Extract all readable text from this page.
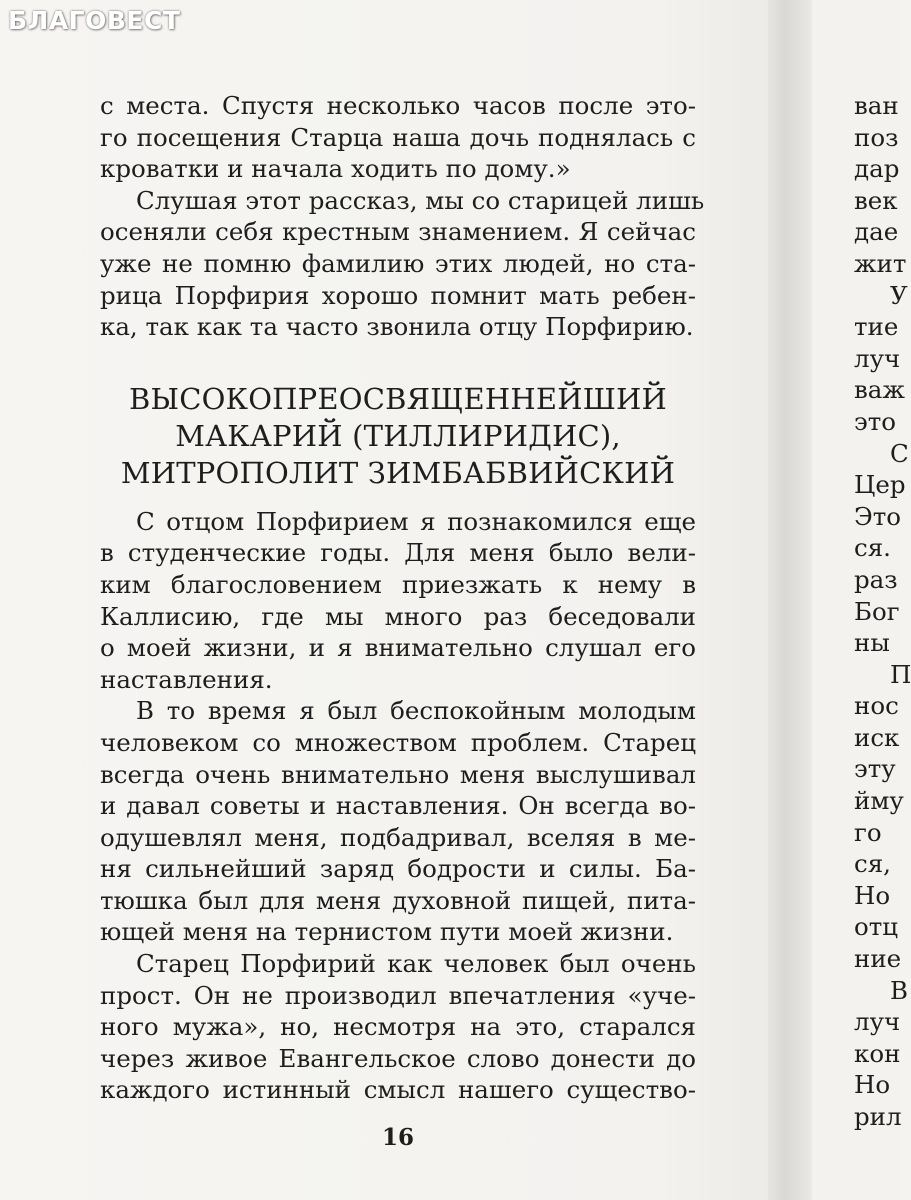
БЛАГОВЕСТ
с места. Спустя несколько часов после это-
го посещения Старца наша дочь поднялась с
кроватки и начала ходить по дому.»
Слушая этот рассказ, мы со старицей лишь
осеняли себя крестным знамением. Я сейчас
уже не помню фамилию этих людей, но ста-
рица Порфирия хорошо помнит мать ребен-
ка, так как та часто звонила отцу Порфирию.
ВЫСОКОПРЕОСВЯЩЕННЕЙШИЙ
МАКАРИЙ (ТИЛЛИРИДИС),
МИТРОПОЛИТ ЗИМБАБВИЙСКИЙ
С отцом Порфирием я познакомился еще
в студенческие годы. Для меня было вели-
ким благословением приезжать к нему в
Каллисию, где мы много раз беседовали
о моей жизни, и я внимательно слушал его
наставления.
В то время я был беспокойным молодым
человеком со множеством проблем. Старец
всегда очень внимательно меня выслушивал
и давал советы и наставления. Он всегда во-
одушевлял меня, подбадривал, вселяя в ме-
ня сильнейший заряд бодрости и силы. Ба-
тюшка был для меня духовной пищей, пита-
ющей меня на тернистом пути моей жизни.
Старец Порфирий как человек был очень
прост. Он не производил впечатления «уче-
ного мужа», но, несмотря на это, старался
через живое Евангельское слово донести до
каждого истинный смысл нашего существо-
16
ван
поз
дар
век
дае
жит
У
тие
луч
важ
это
С
Цер
Это
ся.
раз
Бог
ны
П
нос
иск
эту
йму
го
ся,
Но
отц
ние
В
луч
кон
Но
рил
